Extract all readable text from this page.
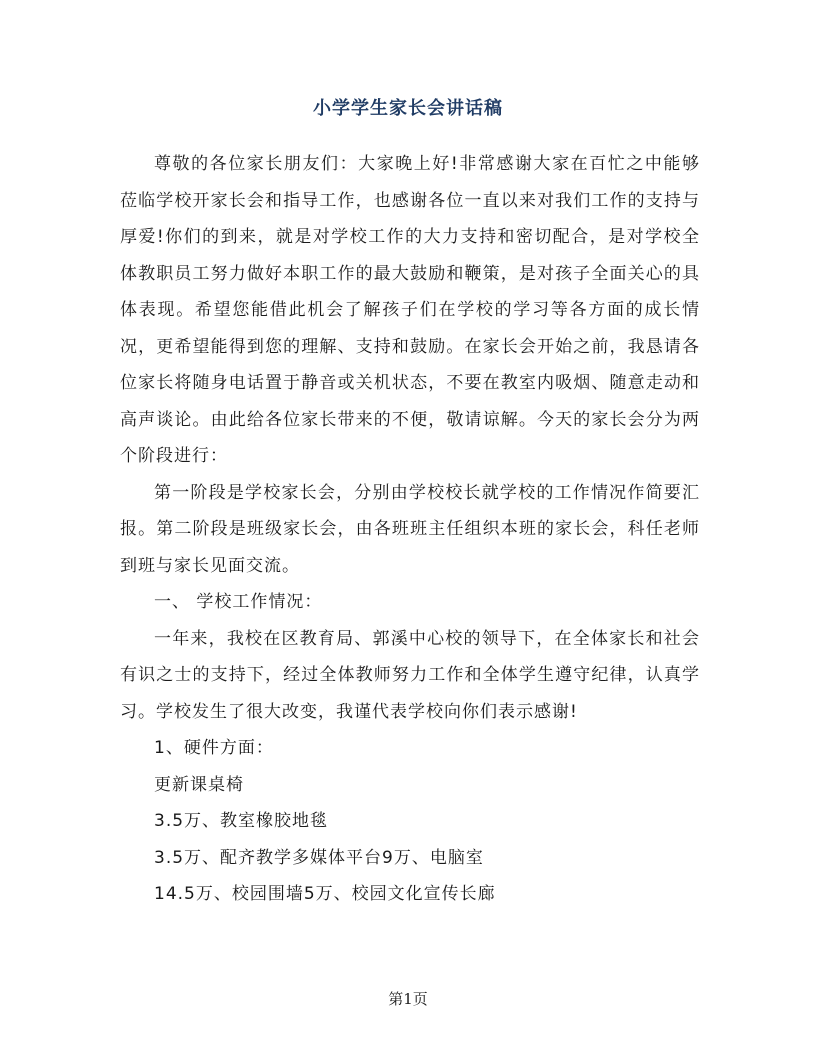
小学学生家长会讲话稿

尊敬的各位家长朋友们：大家晚上好!非常感谢大家在百忙之中能够莅临学校开家长会和指导工作，也感谢各位一直以来对我们工作的支持与厚爱!你们的到来，就是对学校工作的大力支持和密切配合，是对学校全体教职员工努力做好本职工作的最大鼓励和鞭策，是对孩子全面关心的具体表现。希望您能借此机会了解孩子们在学校的学习等各方面的成长情况，更希望能得到您的理解、支持和鼓励。在家长会开始之前，我恳请各位家长将随身电话置于静音或关机状态，不要在教室内吸烟、随意走动和高声谈论。由此给各位家长带来的不便，敬请谅解。今天的家长会分为两个阶段进行：

第一阶段是学校家长会，分别由学校校长就学校的工作情况作简要汇报。第二阶段是班级家长会，由各班班主任组织本班的家长会，科任老师到班与家长见面交流。

一、 学校工作情况：

一年来，我校在区教育局、郭溪中心校的领导下，在全体家长和社会有识之士的支持下，经过全体教师努力工作和全体学生遵守纪律，认真学习。学校发生了很大改变，我谨代表学校向你们表示感谢!

1、硬件方面：

更新课桌椅

3.5万、教室橡胶地毯

3.5万、配齐教学多媒体平台9万、电脑室

14.5万、校园围墙5万、校园文化宣传长廊

第1页
